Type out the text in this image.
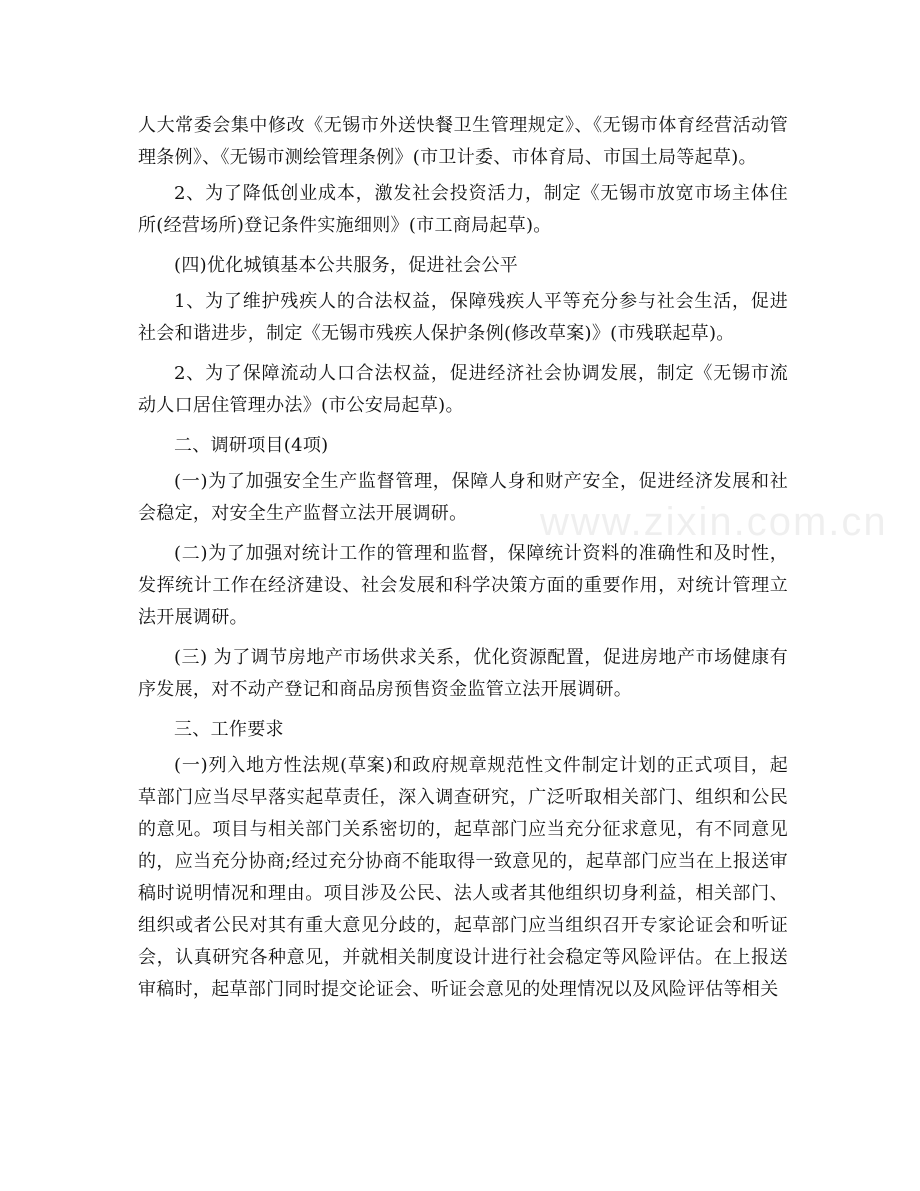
人大常委会集中修改《无锡市外送快餐卫生管理规定》、《无锡市体育经营活动管理条例》、《无锡市测绘管理条例》(市卫计委、市体育局、市国土局等起草)。

2、为了降低创业成本，激发社会投资活力，制定《无锡市放宽市场主体住所(经营场所)登记条件实施细则》(市工商局起草)。

(四)优化城镇基本公共服务，促进社会公平

1、为了维护残疾人的合法权益，保障残疾人平等充分参与社会生活，促进社会和谐进步，制定《无锡市残疾人保护条例(修改草案)》(市残联起草)。

2、为了保障流动人口合法权益，促进经济社会协调发展，制定《无锡市流动人口居住管理办法》(市公安局起草)。

二、调研项目(4项)

(一)为了加强安全生产监督管理，保障人身和财产安全，促进经济发展和社会稳定，对安全生产监督立法开展调研。

(二)为了加强对统计工作的管理和监督，保障统计资料的准确性和及时性，发挥统计工作在经济建设、社会发展和科学决策方面的重要作用，对统计管理立法开展调研。

(三) 为了调节房地产市场供求关系，优化资源配置，促进房地产市场健康有序发展，对不动产登记和商品房预售资金监管立法开展调研。

三、工作要求

(一)列入地方性法规(草案)和政府规章规范性文件制定计划的正式项目，起草部门应当尽早落实起草责任，深入调查研究，广泛听取相关部门、组织和公民的意见。项目与相关部门关系密切的，起草部门应当充分征求意见，有不同意见的，应当充分协商;经过充分协商不能取得一致意见的，起草部门应当在上报送审稿时说明情况和理由。项目涉及公民、法人或者其他组织切身利益，相关部门、组织或者公民对其有重大意见分歧的，起草部门应当组织召开专家论证会和听证会，认真研究各种意见，并就相关制度设计进行社会稳定等风险评估。在上报送审稿时，起草部门同时提交论证会、听证会意见的处理情况以及风险评估等相关

www.zixin.com.cn
